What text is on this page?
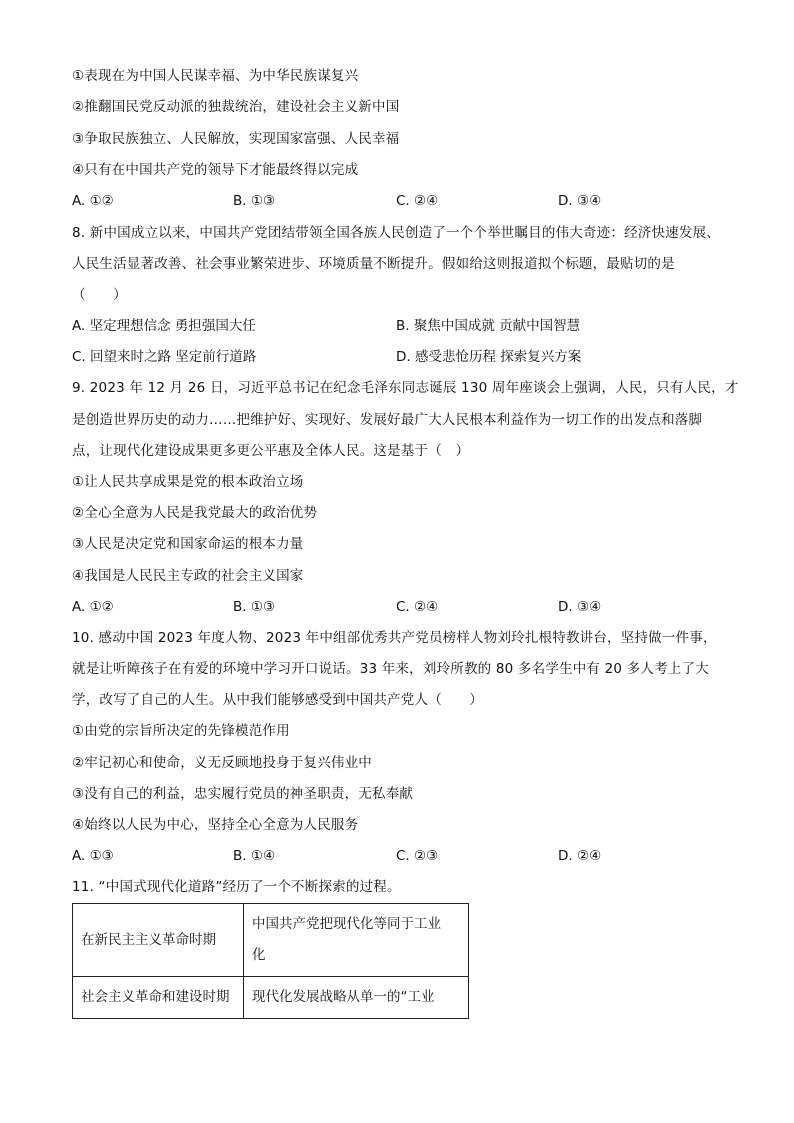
①表现在为中国人民谋幸福、为中华民族谋复兴
②推翻国民党反动派的独裁统治，建设社会主义新中国
③争取民族独立、人民解放，实现国家富强、人民幸福
④只有在中国共产党的领导下才能最终得以完成
A. ①②	B. ①③	C. ②④	D. ③④
8. 新中国成立以来，中国共产党团结带领全国各族人民创造了一个个举世瞩目的伟大奇迹：经济快速发展、
人民生活显著改善、社会事业繁荣进步、环境质量不断提升。假如给这则报道拟个标题，最贴切的是
（　　）
A. 坚定理想信念 勇担强国大任	B. 聚焦中国成就 贡献中国智慧
C. 回望来时之路 坚定前行道路	D. 感受悲怆历程 探索复兴方案
9. 2023 年 12 月 26 日，习近平总书记在纪念毛泽东同志诞辰 130 周年座谈会上强调，人民，只有人民，才
是创造世界历史的动力……把维护好、实现好、发展好最广大人民根本利益作为一切工作的出发点和落脚
点，让现代化建设成果更多更公平惠及全体人民。这是基于（　）
①让人民共享成果是党的根本政治立场
②全心全意为人民是我党最大的政治优势
③人民是决定党和国家命运的根本力量
④我国是人民民主专政的社会主义国家
A. ①②	B. ①③	C. ②④	D. ③④
10. 感动中国 2023 年度人物、2023 年中组部优秀共产党员榜样人物刘玲扎根特教讲台，坚持做一件事，
就是让听障孩子在有爱的环境中学习开口说话。33 年来，刘玲所教的 80 多名学生中有 20 多人考上了大
学，改写了自己的人生。从中我们能够感受到中国共产党人（　　）
①由党的宗旨所决定的先锋模范作用
②牢记初心和使命，义无反顾地投身于复兴伟业中
③没有自己的利益，忠实履行党员的神圣职责，无私奉献
④始终以人民为中心，坚持全心全意为人民服务
A. ①③	B. ①④	C. ②③	D. ②④
11. “中国式现代化道路”经历了一个不断探索的过程。
在新民主主义革命时期	中国共产党把现代化等同于工业
化

社会主义革命和建设时期	现代化发展战略从单一的“工业
